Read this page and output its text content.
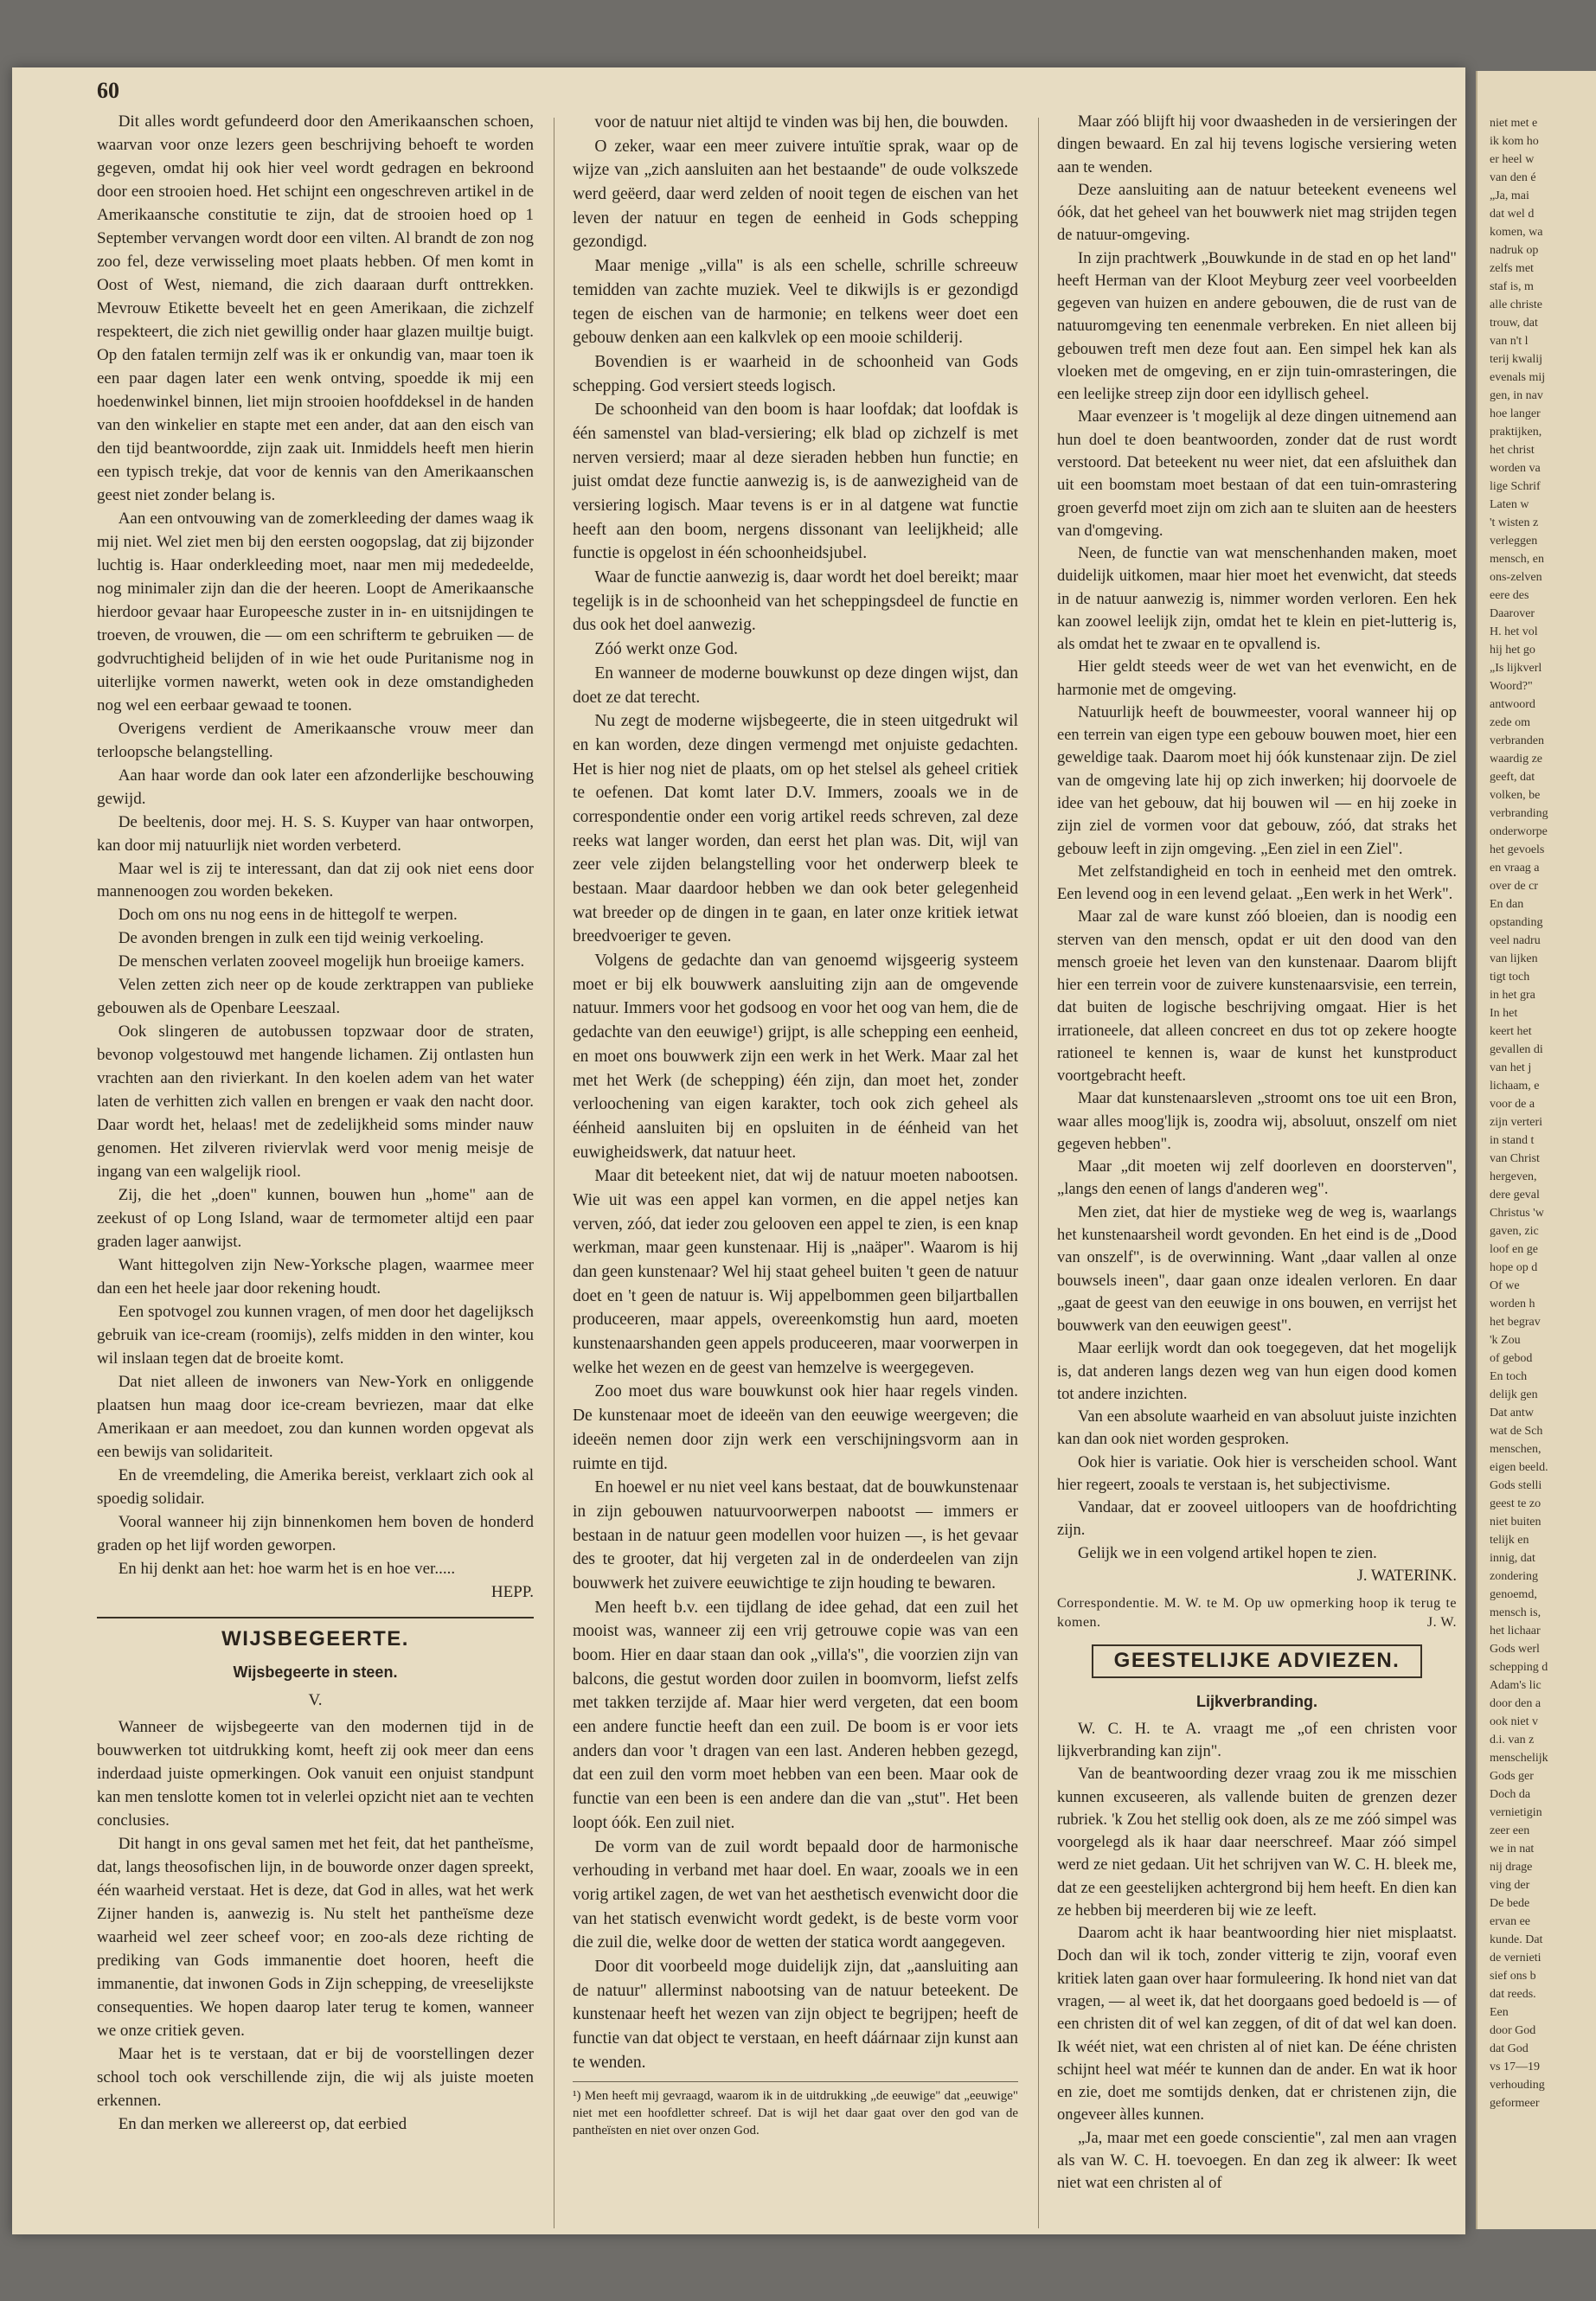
60

Dit alles wordt gefundeerd door den Amerikaanschen schoen, waarvan voor onze lezers geen beschrijving behoeft te worden gegeven, omdat hij ook hier veel wordt gedragen en bekroond door een strooien hoed. Het schijnt een ongeschreven artikel in de Amerikaansche constitutie te zijn, dat de strooien hoed op 1 September vervangen wordt door een vilten. Al brandt de zon nog zoo fel, deze verwisseling moet plaats hebben. Of men komt in Oost of West, niemand, die zich daaraan durft onttrekken. Mevrouw Etikette beveelt het en geen Amerikaan, die zichzelf respekteert, die zich niet gewillig onder haar glazen muiltje buigt. Op den fatalen termijn zelf was ik er onkundig van, maar toen ik een paar dagen later een wenk ontving, spoedde ik mij een hoedenwinkel binnen, liet mijn strooien hoofddeksel in de handen van den winkelier en stapte met een ander, dat aan den eisch van den tijd beantwoordde, zijn zaak uit. Inmiddels heeft men hierin een typisch trekje, dat voor de kennis van den Amerikaanschen geest niet zonder belang is.

Aan een ontvouwing van de zomerkleeding der dames waag ik mij niet. Wel ziet men bij den eersten oogopslag, dat zij bijzonder luchtig is. Haar onderkleeding moet, naar men mij mededeelde, nog minimaler zijn dan die der heeren. Loopt de Amerikaansche hierdoor gevaar haar Europeesche zuster in in- en uitsnijdingen te troeven, de vrouwen, die — om een schrifterm te gebruiken — de godvruchtigheid belijden of in wie het oude Puritanisme nog in uiterlijke vormen nawerkt, weten ook in deze omstandigheden nog wel een eerbaar gewaad te toonen.

Overigens verdient de Amerikaansche vrouw meer dan terloopsche belangstelling.

Aan haar worde dan ook later een afzonderlijke beschouwing gewijd.

De beeltenis, door mej. H. S. S. Kuyper van haar ontworpen, kan door mij natuurlijk niet worden verbeterd.

Maar wel is zij te interessant, dan dat zij ook niet eens door mannenoogen zou worden bekeken.

Doch om ons nu nog eens in de hittegolf te werpen.

De avonden brengen in zulk een tijd weinig verkoeling.

De menschen verlaten zooveel mogelijk hun broeiige kamers.

Velen zetten zich neer op de koude zerktrappen van publieke gebouwen als de Openbare Leeszaal.

Ook slingeren de autobussen topzwaar door de straten, bevonop volgestouwd met hangende lichamen. Zij ontlasten hun vrachten aan den rivierkant. In den koelen adem van het water laten de verhitten zich vallen en brengen er vaak den nacht door. Daar wordt het, helaas! met de zedelijkheid soms minder nauw genomen. Het zilveren riviervlak werd voor menig meisje de ingang van een walgelijk riool.

Zij, die het „doen" kunnen, bouwen hun „home" aan de zeekust of op Long Island, waar de termometer altijd een paar graden lager aanwijst.

Want hittegolven zijn New-Yorksche plagen, waarmee meer dan een het heele jaar door rekening houdt.

Een spotvogel zou kunnen vragen, of men door het dagelijksch gebruik van ice-cream (roomijs), zelfs midden in den winter, kou wil inslaan tegen dat de broeite komt.

Dat niet alleen de inwoners van New-York en onliggende plaatsen hun maag door ice-cream bevriezen, maar dat elke Amerikaan er aan meedoet, zou dan kunnen worden opgevat als een bewijs van solidariteit.

En de vreemdeling, die Amerika bereist, verklaart zich ook al spoedig solidair.

Vooral wanneer hij zijn binnenkomen hem boven de honderd graden op het lijf worden geworpen.

En hij denkt aan het: hoe warm het is en hoe ver.....

HEPP.

WIJSBEGEERTE.
Wijsbegeerte in steen.
V.

Wanneer de wijsbegeerte van den modernen tijd in de bouwwerken tot uitdrukking komt, heeft zij ook meer dan eens inderdaad juiste opmerkingen. Ook vanuit een onjuist standpunt kan men tenslotte komen tot in velerlei opzicht niet aan te vechten conclusies.

Dit hangt in ons geval samen met het feit, dat het pantheïsme, dat, langs theosofischen lijn, in de bouworde onzer dagen spreekt, één waarheid verstaat. Het is deze, dat God in alles, wat het werk Zijner handen is, aanwezig is. Nu stelt het pantheïsme deze waarheid wel zeer scheef voor; en zoo-als deze richting de prediking van Gods immanentie doet hooren, heeft die immanentie, dat inwonen Gods in Zijn schepping, de vreeselijkste consequenties. We hopen daarop later terug te komen, wanneer we onze critiek geven.

Maar het is te verstaan, dat er bij de voorstellingen dezer school toch ook verschillende zijn, die wij als juiste moeten erkennen.

En dan merken we allereerst op, dat eerbied

voor de natuur niet altijd te vinden was bij hen, die bouwden.

O zeker, waar een meer zuivere intuïtie sprak, waar op de wijze van „zich aansluiten aan het bestaande" de oude volkszede werd geëerd, daar werd zelden of nooit tegen de eischen van het leven der natuur en tegen de eenheid in Gods schepping gezondigd.

Maar menige „villa" is als een schelle, schrille schreeuw temidden van zachte muziek. Veel te dikwijls is er gezondigd tegen de eischen van de harmonie; en telkens weer doet een gebouw denken aan een kalkvlek op een mooie schilderij.

Bovendien is er waarheid in de schoonheid van Gods schepping. God versiert steeds logisch.

De schoonheid van den boom is haar loofdak; dat loofdak is één samenstel van blad-versiering; elk blad op zichzelf is met nerven versierd; maar al deze sieraden hebben hun functie; en juist omdat deze functie aanwezig is, is de aanwezigheid van de versiering logisch. Maar tevens is er in al datgene wat functie heeft aan den boom, nergens dissonant van leelijkheid; alle functie is opgelost in één schoonheidsjubel.

Waar de functie aanwezig is, daar wordt het doel bereikt; maar tegelijk is in de schoonheid van het scheppingsdeel de functie en dus ook het doel aanwezig.

Zóó werkt onze God.

En wanneer de moderne bouwkunst op deze dingen wijst, dan doet ze dat terecht.

Nu zegt de moderne wijsbegeerte, die in steen uitgedrukt wil en kan worden, deze dingen vermengd met onjuiste gedachten. Het is hier nog niet de plaats, om op het stelsel als geheel critiek te oefenen. Dat komt later D.V. Immers, zooals we in de correspondentie onder een vorig artikel reeds schreven, zal deze reeks wat langer worden, dan eerst het plan was. Dit, wijl van zeer vele zijden belangstelling voor het onderwerp bleek te bestaan. Maar daardoor hebben we dan ook beter gelegenheid wat breeder op de dingen in te gaan, en later onze kritiek ietwat breedvoeriger te geven.

Volgens de gedachte dan van genoemd wijsgeerig systeem moet er bij elk bouwwerk aansluiting zijn aan de omgevende natuur. Immers voor het godsoog en voor het oog van hem, die de gedachte van den eeuwige¹) grijpt, is alle schepping een eenheid, en moet ons bouwwerk zijn een werk in het Werk. Maar zal het met het Werk (de schepping) één zijn, dan moet het, zonder verloochening van eigen karakter, toch ook zich geheel als éénheid aansluiten bij en opsluiten in de éénheid van het euwigheidswerk, dat natuur heet.

Maar dit beteekent niet, dat wij de natuur moeten nabootsen. Wie uit was een appel kan vormen, en die appel netjes kan verven, zóó, dat ieder zou gelooven een appel te zien, is een knap werkman, maar geen kunstenaar. Hij is „naäper". Waarom is hij dan geen kunstenaar? Wel hij staat geheel buiten 't geen de natuur doet en 't geen de natuur is. Wij appelbommen geen biljartballen produceeren, maar appels, overeenkomstig hun aard, moeten kunstenaarshanden geen appels produceeren, maar voorwerpen in welke het wezen en de geest van hemzelve is weergegeven.

Zoo moet dus ware bouwkunst ook hier haar regels vinden. De kunstenaar moet de ideeën van den eeuwige weergeven; die ideeën nemen door zijn werk een verschijningsvorm aan in ruimte en tijd.

En hoewel er nu niet veel kans bestaat, dat de bouwkunstenaar in zijn gebouwen natuurvoorwerpen nabootst — immers er bestaan in de natuur geen modellen voor huizen —, is het gevaar des te grooter, dat hij vergeten zal in de onderdeelen van zijn bouwwerk het zuivere eeuwichtige te zijn houding te bewaren.

Men heeft b.v. een tijdlang de idee gehad, dat een zuil het mooist was, wanneer zij een vrij getrouwe copie was van een boom. Hier en daar staan dan ook „villa's", die voorzien zijn van balcons, die gestut worden door zuilen in boomvorm, liefst zelfs met takken terzijde af. Maar hier werd vergeten, dat een boom een andere functie heeft dan een zuil. De boom is er voor iets anders dan voor 't dragen van een last. Anderen hebben gezegd, dat een zuil den vorm moet hebben van een been. Maar ook de functie van een been is een andere dan die van „stut". Het been loopt óók. Een zuil niet.

De vorm van de zuil wordt bepaald door de harmonische verhouding in verband met haar doel. En waar, zooals we in een vorig artikel zagen, de wet van het aesthetisch evenwicht door die van het statisch evenwicht wordt gedekt, is de beste vorm voor die zuil die, welke door de wetten der statica wordt aangegeven.

Door dit voorbeeld moge duidelijk zijn, dat „aansluiting aan de natuur" allerminst nabootsing van de natuur beteekent. De kunstenaar heeft het wezen van zijn object te begrijpen; heeft de functie van dat object te verstaan, en heeft dáárnaar zijn kunst aan te wenden.

¹) Men heeft mij gevraagd, waarom ik in de uitdrukking „de eeuwige" dat „eeuwige" niet met een hoofdletter schreef. Dat is wijl het daar gaat over den god van de pantheïsten en niet over onzen God.

Maar zóó blijft hij voor dwaasheden in de versieringen der dingen bewaard. En zal hij tevens logische versiering weten aan te wenden.

Deze aansluiting aan de natuur beteekent eveneens wel óók, dat het geheel van het bouwwerk niet mag strijden tegen de natuur-omgeving.

In zijn prachtwerk „Bouwkunde in de stad en op het land" heeft Herman van der Kloot Meyburg zeer veel voorbeelden gegeven van huizen en andere gebouwen, die de rust van de natuuromgeving ten eenenmale verbreken. En niet alleen bij gebouwen treft men deze fout aan. Een simpel hek kan als vloeken met de omgeving, en er zijn tuin-omrasteringen, die een leelijke streep zijn door een idyllisch geheel.

Maar evenzeer is 't mogelijk al deze dingen uitnemend aan hun doel te doen beantwoorden, zonder dat de rust wordt verstoord. Dat beteekent nu weer niet, dat een afsluithek dan uit een boomstam moet bestaan of dat een tuin-omrastering groen geverfd moet zijn om zich aan te sluiten aan de heesters van d'omgeving.

Neen, de functie van wat menschenhanden maken, moet duidelijk uitkomen, maar hier moet het evenwicht, dat steeds in de natuur aanwezig is, nimmer worden verloren. Een hek kan zoowel leelijk zijn, omdat het te klein en piet-lutterig is, als omdat het te zwaar en te opvallend is.

Hier geldt steeds weer de wet van het evenwicht, en de harmonie met de omgeving.

Natuurlijk heeft de bouwmeester, vooral wanneer hij op een terrein van eigen type een gebouw bouwen moet, hier een geweldige taak. Daarom moet hij óók kunstenaar zijn. De ziel van de omgeving late hij op zich inwerken; hij doorvoele de idee van het gebouw, dat hij bouwen wil — en hij zoeke in zijn ziel de vormen voor dat gebouw, zóó, dat straks het gebouw leeft in zijn omgeving. „Een ziel in een Ziel".

Met zelfstandigheid en toch in eenheid met den omtrek. Een levend oog in een levend gelaat. „Een werk in het Werk".

Maar zal de ware kunst zóó bloeien, dan is noodig een sterven van den mensch, opdat er uit den dood van den mensch groeie het leven van den kunstenaar. Daarom blijft hier een terrein voor de zuivere kunstenaarsvisie, een terrein, dat buiten de logische beschrijving omgaat. Hier is het irrationeele, dat alleen concreet en dus tot op zekere hoogte rationeel te kennen is, waar de kunst het kunstproduct voortgebracht heeft.

Maar dat kunstenaarsleven „stroomt ons toe uit een Bron, waar alles moog'lijk is, zoodra wij, absoluut, onszelf om niet gegeven hebben".

Maar „dit moeten wij zelf doorleven en doorsterven", „langs den eenen of langs d'anderen weg".

Men ziet, dat hier de mystieke weg de weg is, waarlangs het kunstenaarsheil wordt gevonden. En het eind is de „Dood van onszelf", is de overwinning. Want „daar vallen al onze bouwsels ineen", daar gaan onze idealen verloren. En daar „gaat de geest van den eeuwige in ons bouwen, en verrijst het bouwwerk van den eeuwigen geest".

Maar eerlijk wordt dan ook toegegeven, dat het mogelijk is, dat anderen langs dezen weg van hun eigen dood komen tot andere inzichten.

Van een absolute waarheid en van absoluut juiste inzichten kan dan ook niet worden gesproken.

Ook hier is variatie. Ook hier is verscheiden school. Want hier regeert, zooals te verstaan is, het subjectivisme.

Vandaar, dat er zooveel uitloopers van de hoofdrichting zijn.

Gelijk we in een volgend artikel hopen te zien.

J. WATERINK.

Correspondentie. M. W. te M. Op uw opmerking hoop ik terug te komen.	J. W.
GEESTELIJKE ADVIEZEN.
Lijkverbranding.

W. C. H. te A. vraagt me „of een christen voor lijkverbranding kan zijn".

Van de beantwoording dezer vraag zou ik me misschien kunnen excuseeren, als vallende buiten de grenzen dezer rubriek. 'k Zou het stellig ook doen, als ze me zóó simpel was voorgelegd als ik haar daar neerschreef. Maar zóó simpel werd ze niet gedaan. Uit het schrijven van W. C. H. bleek me, dat ze een geestelijken achtergrond bij hem heeft. En dien kan ze hebben bij meerderen bij wie ze leeft.

Daarom acht ik haar beantwoording hier niet misplaatst. Doch dan wil ik toch, zonder vitterig te zijn, vooraf even kritiek laten gaan over haar formuleering. Ik hond niet van dat vragen, — al weet ik, dat het doorgaans goed bedoeld is — of een christen dit of wel kan zeggen, of dit of dat wel kan doen. Ik wéét niet, wat een christen al of niet kan. De ééne christen schijnt heel wat méér te kunnen dan de ander. En wat ik hoor en zie, doet me somtijds denken, dat er christenen zijn, die ongeveer àlles kunnen.

„Ja, maar met een goede conscientie", zal men aan vragen als van W. C. H. toevoegen. En dan zeg ik alweer: Ik weet niet wat een christen al of

niet met e
ik kom ho
er heel w
van den é
„Ja, mai
dat wel d
komen, wa
nadruk op
zelfs met
staf is, m
alle christe
trouw, dat
van n't l
terij kwalij
evenals mij
gen, in nav
hoe langer
praktijken,
het christ
worden va
lige Schrif
Laten w
't wisten z
verleggen
mensch, en
ons-zelven
eere des
Daarover
H. het vol
hij het go
„Is lijkverl
Woord?"
antwoord
zede om
verbranden
waardig ze
geeft, dat
volken, be
verbranding
onderworpe
het gevoels
en vraag a
over de cr
En dan
opstanding
veel nadru
van lijken
tigt toch
in het gra
In het
keert het
gevallen di
van het j
lichaam, e
voor de a
zijn verteri
in stand t
van Christ
hergeven,
dere geval
Christus 'w
gaven, zic
loof en ge
hope op d
Of we
worden h
het begrav
'k Zou
of gebod
En toch
delijk gen
Dat antw
wat de Sch
menschen,
eigen beeld.
Gods stelli
geest te zo
niet buiten
telijk en
innig, dat
zondering
genoemd,
mensch is,
het lichaar
Gods werl
schepping d
Adam's lic
door den a
ook niet v
d.i. van z
menschelijk
Gods ger
Doch da
vernietigin
zeer een
we in nat
nij drage
ving der
De bede
ervan ee
kunde. Dat
de vernieti
sief ons b
dat reeds.
Een
door God
dat God
vs 17—19
verhouding
geformeer
